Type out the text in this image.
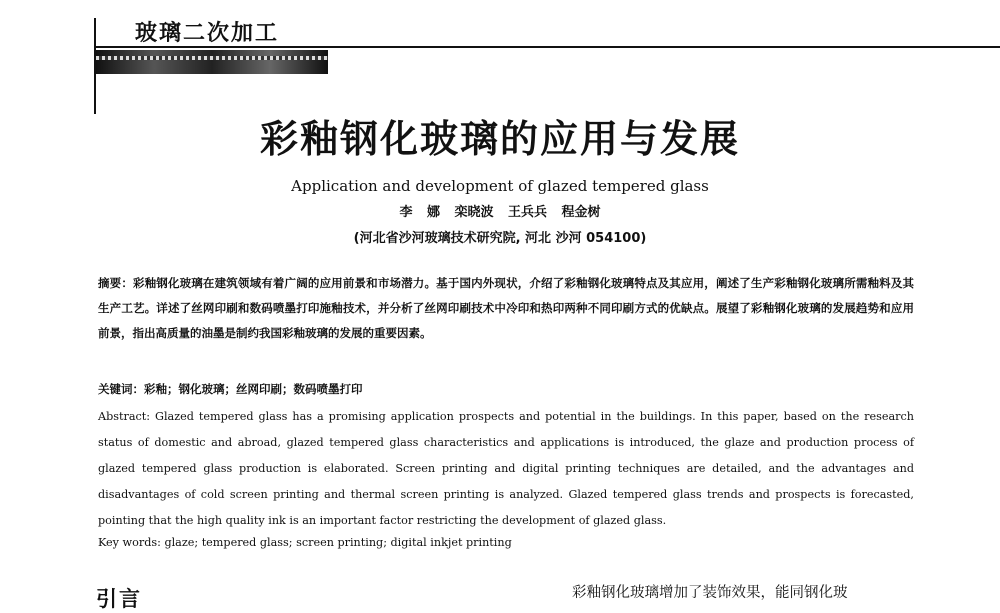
玻璃二次加工
彩釉钢化玻璃的应用与发展
Application and development of glazed tempered glass
李 娜 栾晓波 王兵兵 程金树
(河北省沙河玻璃技术研究院, 河北 沙河 054100)

摘要：彩釉钢化玻璃在建筑领域有着广阔的应用前景和市场潜力。基于国内外现状，介绍了彩釉钢化玻璃特点及其应用，阐述了生产彩釉钢化玻璃所需釉料及其生产工艺。详述了丝网印刷和数码喷墨打印施釉技术，并分析了丝网印刷技术中冷印和热印两种不同印刷方式的优缺点。展望了彩釉钢化玻璃的发展趋势和应用前景，指出高质量的油墨是制约我国彩釉玻璃的发展的重要因素。

关键词：彩釉；钢化玻璃；丝网印刷；数码喷墨打印

Abstract: Glazed tempered glass has a promising application prospects and potential in the buildings. In this paper, based on the research status of domestic and abroad, glazed tempered glass characteristics and applications is introduced, the glaze and production process of glazed tempered glass production is elaborated. Screen printing and digital printing techniques are detailed, and the advantages and disadvantages of cold screen printing and thermal screen printing is analyzed. Glazed tempered glass trends and prospects is forecasted, pointing that the high quality ink is an important factor restricting the development of glazed glass.

Key words: glaze; tempered glass; screen printing; digital inkjet printing
引言	彩釉钢化玻璃增加了装饰效果，能同钢化玻
